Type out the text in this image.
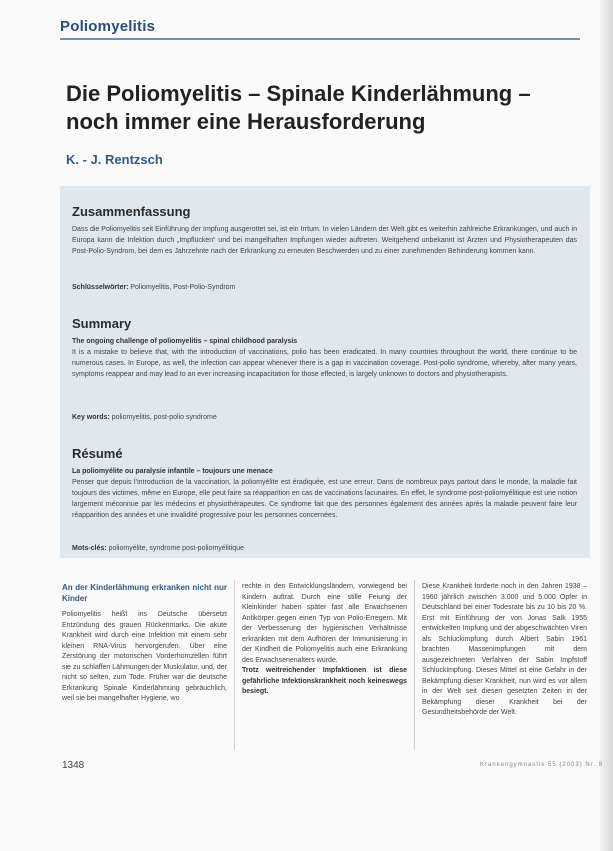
Poliomyelitis
Die Poliomyelitis – Spinale Kinderlähmung –
noch immer eine Herausforderung
K. - J. Rentzsch
Zusammenfassung
Dass die Poliomyelitis seit Einführung der Impfung ausgerottet sei, ist ein Irrtum. In vielen Ländern der Welt gibt es weiterhin zahlreiche Erkrankungen, und auch in Europa kann die Infektion durch „Impflücken“ und bei mangelhaften Impfungen wieder auftreten. Weitgehend unbekannt ist Ärzten und Physiotherapeuten das Post-Polio-Syndrom, bei dem es Jahrzehnte nach der Erkrankung zu erneuten Beschwerden und zu einer zunehmenden Behinderung kommen kann.
Schlüsselwörter: Poliomyelitis, Post-Polio-Syndrom
Summary
The ongoing challenge of poliomyelitis – spinal childhood paralysis
It is a mistake to believe that, with the introduction of vaccinations, polio has been eradicated. In many countries throughout the world, there continue to be numerous cases. In Europe, as well, the infection can appear whenever there is a gap in vaccination coverage. Post-polio syndrome, whereby, after many years, symptoms reappear and may lead to an ever increasing incapacitation for those effected, is largely unknown to doctors and physiotherapists.
Key words: poliomyelitis, post-polio syndrome
Résumé
La poliomyélite ou paralysie infantile – toujours une menace
Penser que depuis l’introduction de la vaccination, la poliomyélite est éradiquée, est une erreur. Dans de nombreux pays partout dans le monde, la maladie fait toujours des victimes, même en Europe, elle peut faire sa réapparition en cas de vaccinations lacunaires. En effet, le syndrome post-poliomyélitique est une notion largement méconnue par les médecins et physiothérapeutes. Ce syndrome fait que des personnes également des années après la maladie peuvent faire leur réapparition des années et une invalidité progressive pour les personnes concernées.
Mots-clés: poliomyélite, syndrome post-poliomyélitique
An der Kinderlähmung erkranken nicht nur Kinder

Poliomyelitis heißt ins Deutsche übersetzt Entzündung des grauen Rückenmarks. Die akute Krankheit wird durch eine Infektion mit einem sehr kleinen RNA-Virus hervorgerufen. Über eine Zerstörung der motorischen Vorderhornzellen führt sie zu schlaffen Lähmungen der Muskulatur, und, der nicht so selten, zum Tode. Früher war die deutsche Erkrankung Spinale Kinderlähmung gebräuchlich, weil sie bei mangelhafter Hygiene, wo

rechte in den Entwicklungsländern, vorwiegend bei Kindern auftrat. Durch eine stille Feiung der Kleinkinder haben später fast alle Erwachsenen Antikörper gegen einen Typ von Polio-Erregern. Mit der Verbesserung der hygienischen Verhältnisse erkrankten mit dem Aufhören der Immunisierung in der Kindheit die Poliomyelitis auch eine Erkrankung des Erwachsenenalters wurde.

Trotz weitreichender Impfaktionen ist diese gefährliche Infektionskrankheit noch keineswegs besiegt.

Diese Krankheit forderte noch in den Jahren 1938 – 1960 jährlich zwischen 3.000 und 5.000 Opfer in Deutschland bei einer Todesrate bis zu 10 bis 20 %. Erst mit Einführung der von Jonas Salk 1955 entwickelten Impfung und der abgeschwächten Viren als Schluckimpfung durch Albert Sabin 1961 brachten Massenimpfungen mit dem ausgezeichneten Verfahren der Sabin Impfstoff Schluckimpfung. Dieses Mittel ist eine Gefahr in der Bekämpfung dieser Krankheit, nun wird es vor allem in der Welt seit diesen gesetzten Zeiten in der Bekämpfung dieser Krankheit bei der Gesundheitsbehörde der Welt.

1348	Krankengymnastik 55 (2003) Nr. 8
